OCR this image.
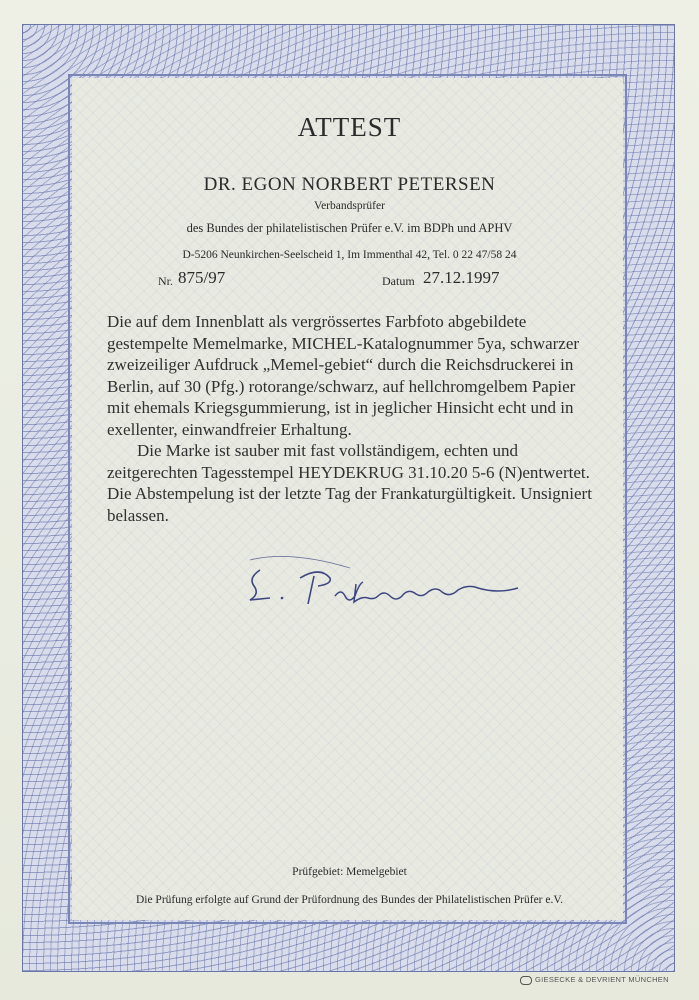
ATTEST
DR. EGON NORBERT PETERSEN
Verbandsprüfer
des Bundes der philatelistischen Prüfer e.V. im BDPh und APHV
D-5206 Neunkirchen-Seelscheid 1, Im Immenthal 42, Tel. 0 22 47/58 24
Nr. 875/97	Datum 27.12.1997

Die auf dem Innenblatt als vergrössertes Farbfoto abgebildete gestempelte Memelmarke, MICHEL-Katalognummer 5ya, schwarzer zweizeiliger Aufdruck „Memel-gebiet“ durch die Reichsdruckerei in Berlin, auf 30 (Pfg.) rotorange/schwarz, auf hellchromgelbem Papier mit ehemals Kriegsgummierung, ist in jeglicher Hinsicht echt und in exellenter, einwandfreier Erhaltung.

Die Marke ist sauber mit fast vollständigem, echten und zeitgerechten Tagesstempel HEYDEKRUG 31.10.20 5-6 (N)entwertet. Die Abstempelung ist der letzte Tag der Frankaturgültigkeit. Unsigniert belassen.

Prüfgebiet: Memelgebiet
Die Prüfung erfolgte auf Grund der Prüfordnung des Bundes der Philatelistischen Prüfer e.V.
GIESECKE & DEVRIENT MÜNCHEN
